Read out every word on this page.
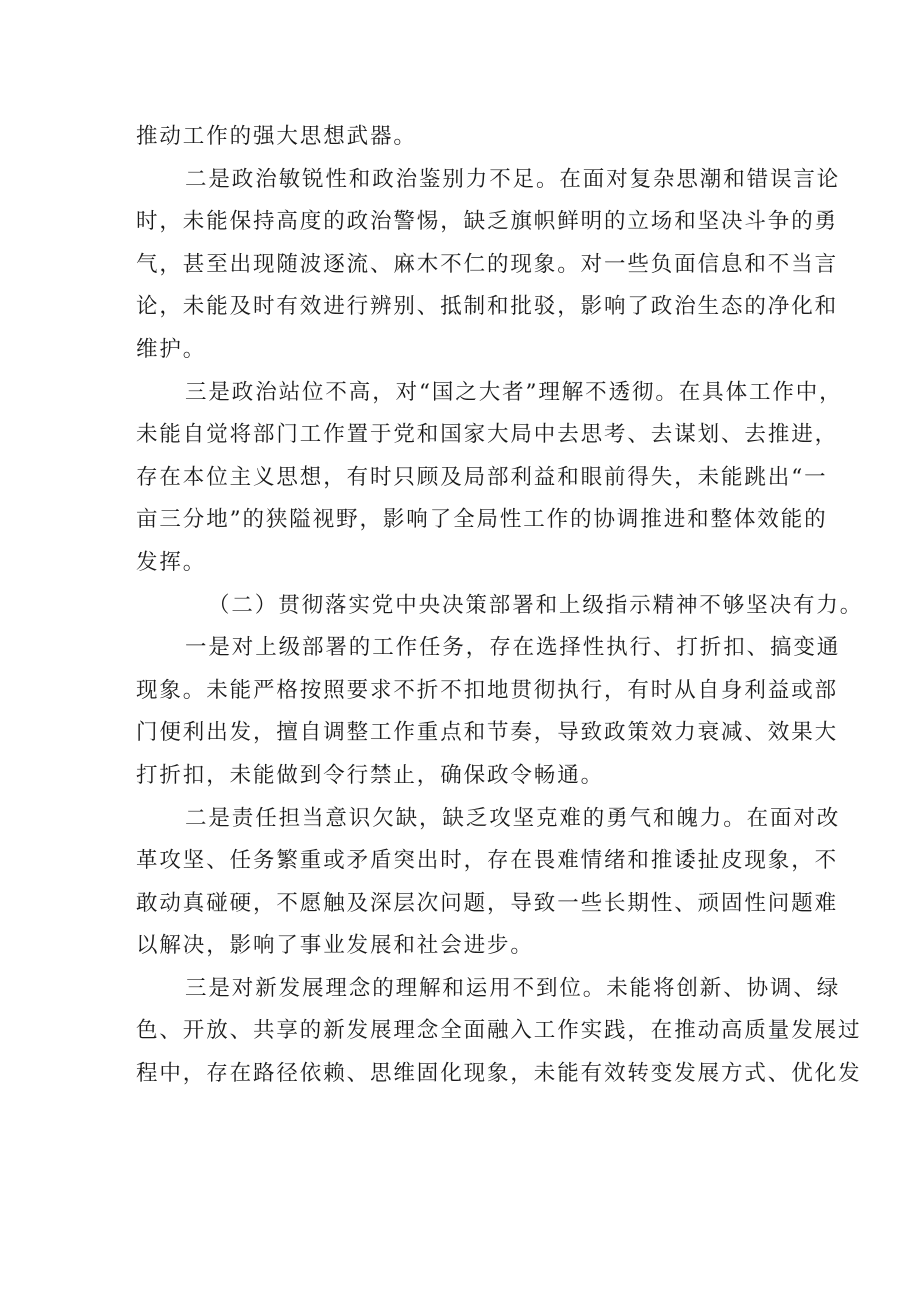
推动工作的强大思想武器。
二是政治敏锐性和政治鉴别力不足。在面对复杂思潮和错误言论
时，未能保持高度的政治警惕，缺乏旗帜鲜明的立场和坚决斗争的勇
气，甚至出现随波逐流、麻木不仁的现象。对一些负面信息和不当言
论，未能及时有效进行辨别、抵制和批驳，影响了政治生态的净化和
维护。
三是政治站位不高，对“国之大者”理解不透彻。在具体工作中，
未能自觉将部门工作置于党和国家大局中去思考、去谋划、去推进，
存在本位主义思想，有时只顾及局部利益和眼前得失，未能跳出“一
亩三分地”的狭隘视野，影响了全局性工作的协调推进和整体效能的
发挥。
（二）贯彻落实党中央决策部署和上级指示精神不够坚决有力。
一是对上级部署的工作任务，存在选择性执行、打折扣、搞变通
现象。未能严格按照要求不折不扣地贯彻执行，有时从自身利益或部
门便利出发，擅自调整工作重点和节奏，导致政策效力衰减、效果大
打折扣，未能做到令行禁止，确保政令畅通。
二是责任担当意识欠缺，缺乏攻坚克难的勇气和魄力。在面对改
革攻坚、任务繁重或矛盾突出时，存在畏难情绪和推诿扯皮现象，不
敢动真碰硬，不愿触及深层次问题，导致一些长期性、顽固性问题难
以解决，影响了事业发展和社会进步。
三是对新发展理念的理解和运用不到位。未能将创新、协调、绿
色、开放、共享的新发展理念全面融入工作实践，在推动高质量发展过
程中，存在路径依赖、思维固化现象，未能有效转变发展方式、优化发
